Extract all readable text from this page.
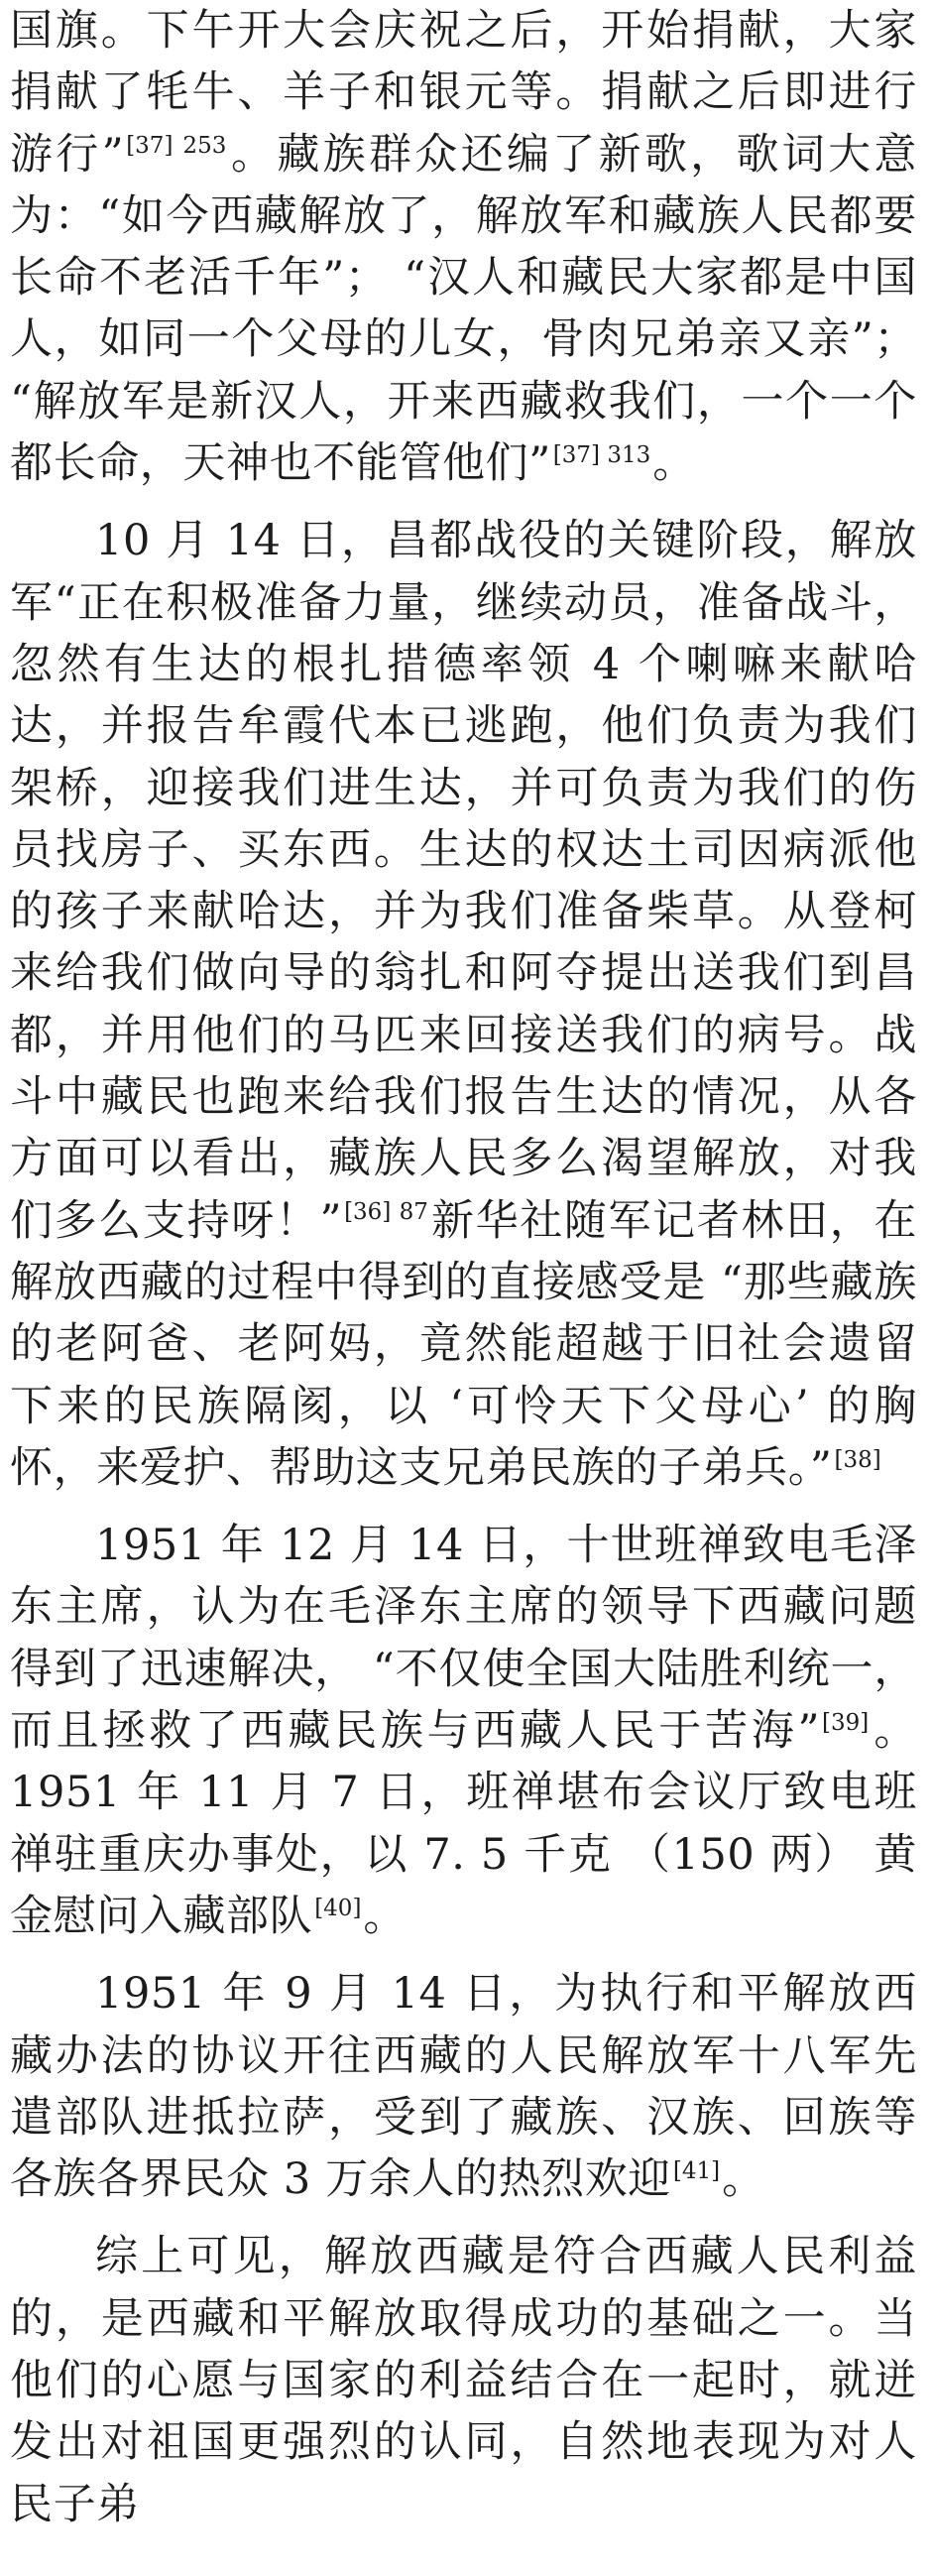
国旗。下午开大会庆祝之后，开始捐献，大家捐献了牦牛、羊子和银元等。捐献之后即进行游行”$^{[37] 253}$。藏族群众还编了新歌，歌词大意为：“如今西藏解放了，解放军和藏族人民都要长命不老活千年”； “汉人和藏民大家都是中国人，如同一个父母的儿女，骨肉兄弟亲又亲”； “解放军是新汉人，开来西藏救我们，一个一个都长命，天神也不能管他们”$^{[37] 313}$。

10 月 14 日，昌都战役的关键阶段，解放军“正在积极准备力量，继续动员，准备战斗，忽然有生达的根扎措德率领 4 个喇嘛来献哈达，并报告牟霞代本已逃跑，他们负责为我们架桥，迎接我们进生达，并可负责为我们的伤员找房子、买东西。生达的权达土司因病派他的孩子来献哈达，并为我们准备柴草。从登柯来给我们做向导的翁扎和阿夺提出送我们到昌都，并用他们的马匹来回接送我们的病号。战斗中藏民也跑来给我们报告生达的情况，从各方面可以看出，藏族人民多么渴望解放，对我们多么支持呀！”$^{[36] 87}$新华社随军记者林田，在解放西藏的过程中得到的直接感受是 “那些藏族的老阿爸、老阿妈，竟然能超越于旧社会遗留下来的民族隔阂，以 ‘可怜天下父母心’ 的胸怀，来爱护、帮助这支兄弟民族的子弟兵。”[38]

1951 年 12 月 14 日，十世班禅致电毛泽东主席，认为在毛泽东主席的领导下西藏问题得到了迅速解决， “不仅使全国大陆胜利统一，而且拯救了西藏民族与西藏人民于苦海”[39]。1951 年 11 月 7 日，班禅堪布会议厅致电班禅驻重庆办事处，以 7. 5 千克 （150 两） 黄金慰问入藏部队[40]。

1951 年 9 月 14 日，为执行和平解放西藏办法的协议开往西藏的人民解放军十八军先遣部队进抵拉萨，受到了藏族、汉族、回族等各族各界民众 3 万余人的热烈欢迎[41]。

综上可见，解放西藏是符合西藏人民利益的，是西藏和平解放取得成功的基础之一。当他们的心愿与国家的利益结合在一起时，就迸发出对祖国更强烈的认同，自然地表现为对人民子弟
